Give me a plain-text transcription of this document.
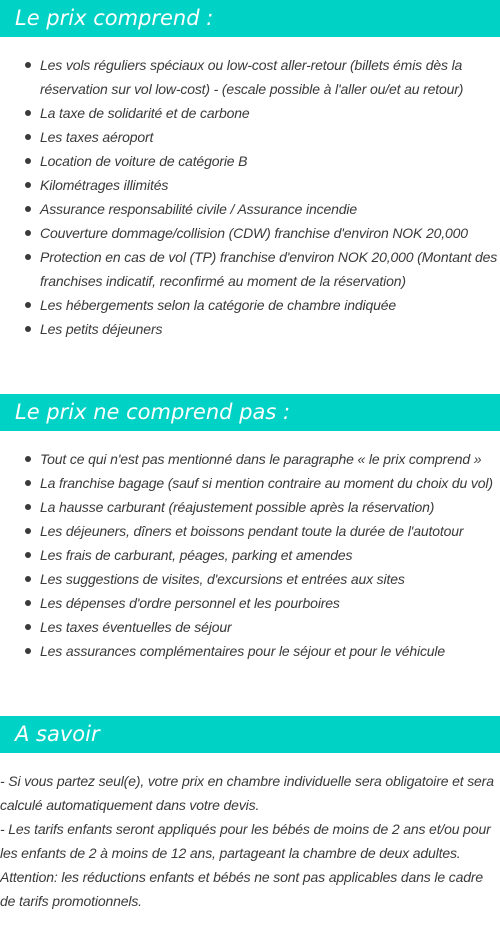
Le prix comprend :
Les vols réguliers spéciaux ou low-cost aller-retour (billets émis dès la réservation sur vol low-cost) - (escale possible à l'aller ou/et au retour)
La taxe de solidarité et de carbone
Les taxes aéroport
Location de voiture de catégorie B
Kilométrages illimités
Assurance responsabilité civile / Assurance incendie
Couverture dommage/collision (CDW) franchise d'environ NOK 20,000
Protection en cas de vol (TP) franchise d'environ NOK 20,000 (Montant des franchises indicatif, reconfirmé au moment de la réservation)
Les hébergements selon la catégorie de chambre indiquée
Les petits déjeuners
Le prix ne comprend pas :
Tout ce qui n'est pas mentionné dans le paragraphe « le prix comprend »
La franchise bagage (sauf si mention contraire au moment du choix du vol)
La hausse carburant (réajustement possible après la réservation)
Les déjeuners, dîners et boissons pendant toute la durée de l'autotour
Les frais de carburant, péages, parking et amendes
Les suggestions de visites, d'excursions et entrées aux sites
Les dépenses d'ordre personnel et les pourboires
Les taxes éventuelles de séjour
Les assurances complémentaires pour le séjour et pour le véhicule
A savoir

- Si vous partez seul(e), votre prix en chambre individuelle sera obligatoire et sera calculé automatiquement dans votre devis.

- Les tarifs enfants seront appliqués pour les bébés de moins de 2 ans et/ou pour les enfants de 2 à moins de 12 ans, partageant la chambre de deux adultes.

Attention: les réductions enfants et bébés ne sont pas applicables dans le cadre de tarifs promotionnels.
